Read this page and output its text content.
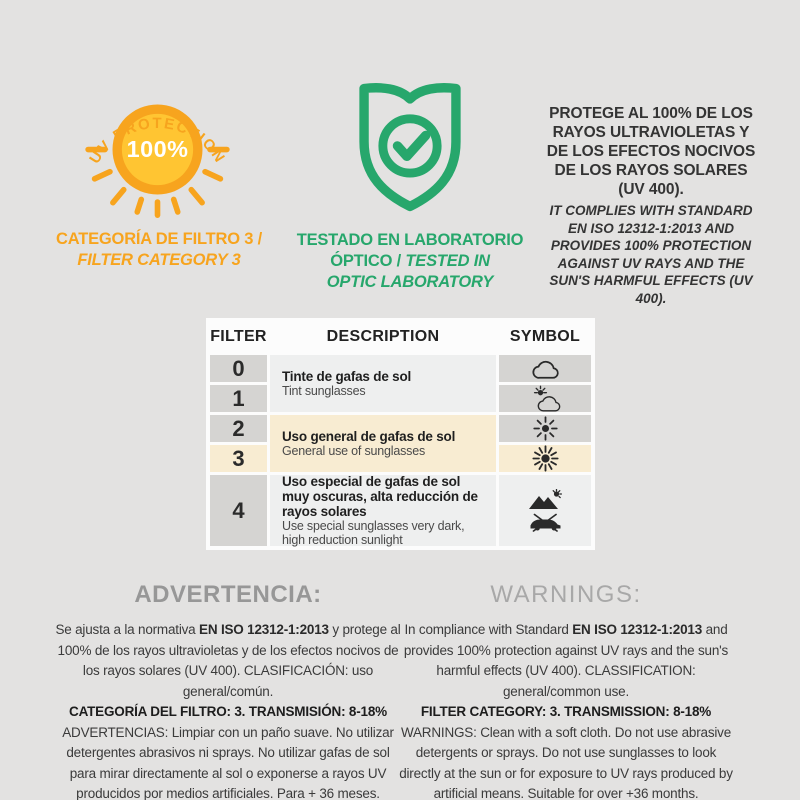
100%
UV PROTECTION
CATEGORÍA DE FILTRO 3 /
FILTER CATEGORY 3
TESTADO EN LABORATORIO
ÓPTICO / TESTED IN
OPTIC LABORATORY
PROTEGE AL 100% DE LOS RAYOS ULTRAVIOLETAS Y DE LOS EFECTOS NOCIVOS DE LOS RAYOS SOLARES (UV 400).
IT COMPLIES WITH STANDARD EN ISO 12312-1:2013 AND PROVIDES 100% PROTECTION AGAINST UV RAYS AND THE SUN'S HARMFUL EFFECTS (UV 400).
FILTER	DESCRIPTION	SYMBOL
0
1
2
3
4
Tinte de gafas de sol
Tint sunglasses
Uso general de gafas de sol
General use of sunglasses
Uso especial de gafas de sol muy oscuras, alta reducción de rayos solares
Use special sunglasses very dark, high reduction sunlight
ADVERTENCIA:

Se ajusta a la normativa EN ISO 12312-1:2013 y protege al 100% de los rayos ultravioletas y de los efectos nocivos de los rayos solares (UV 400). CLASIFICACIÓN: uso general/común.

CATEGORÍA DEL FILTRO: 3. TRANSMISIÓN: 8-18%

ADVERTENCIAS: Limpiar con un paño suave. No utilizar detergentes abrasivos ni sprays. No utilizar gafas de sol para mirar directamente al sol o exponerse a rayos UV producidos por medios artificiales. Para + 36 meses.

WARNINGS:

In compliance with Standard EN ISO 12312-1:2013 and provides 100% protection against UV rays and the sun's harmful effects (UV 400). CLASSIFICATION: general/common use.

FILTER CATEGORY: 3. TRANSMISSION: 8-18%

WARNINGS: Clean with a soft cloth. Do not use abrasive detergents or sprays. Do not use sunglasses to look directly at the sun or for exposure to UV rays produced by artificial means. Suitable for over +36 months.
